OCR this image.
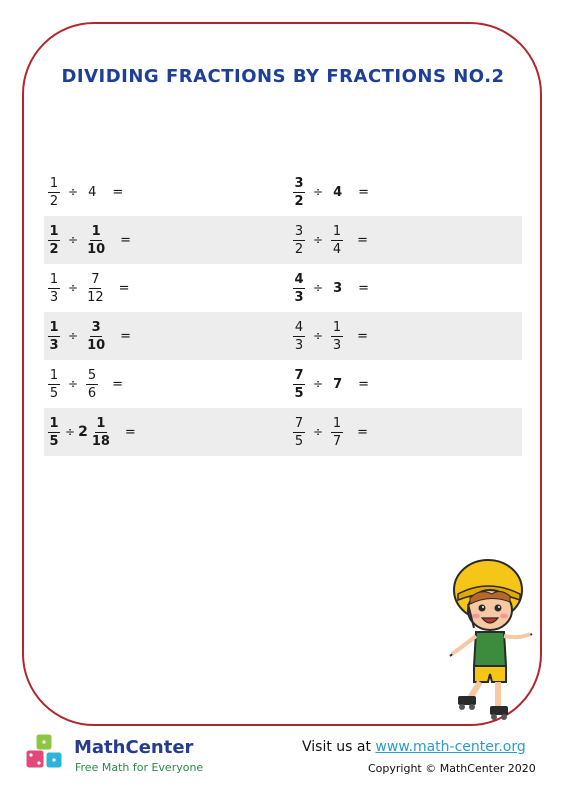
DIVIDING FRACTIONS BY FRACTIONS NO.2
$\frac{1}{2} \div 4$ =	$\frac{3}{2} \div 4$ =
$\frac{1}{2} \div \frac{1}{10}$ =	$\frac{3}{2} \div \frac{1}{4}$ =
$\frac{1}{3} \div \frac{7}{12}$ =	$\frac{4}{3} \div 3$ =
$\frac{1}{3} \div \frac{3}{10}$ =	$\frac{4}{3} \div \frac{1}{3}$ =
$\frac{1}{5} \div \frac{5}{6}$ =	$\frac{7}{5} \div 7$ =
$\frac{1}{5} \div 2 \frac{1}{18}$ =	$\frac{7}{5} \div \frac{1}{7}$ =
MathCenter
Free Math for Everyone
Visit us at www.math-center.org
Copyright © MathCenter 2020
